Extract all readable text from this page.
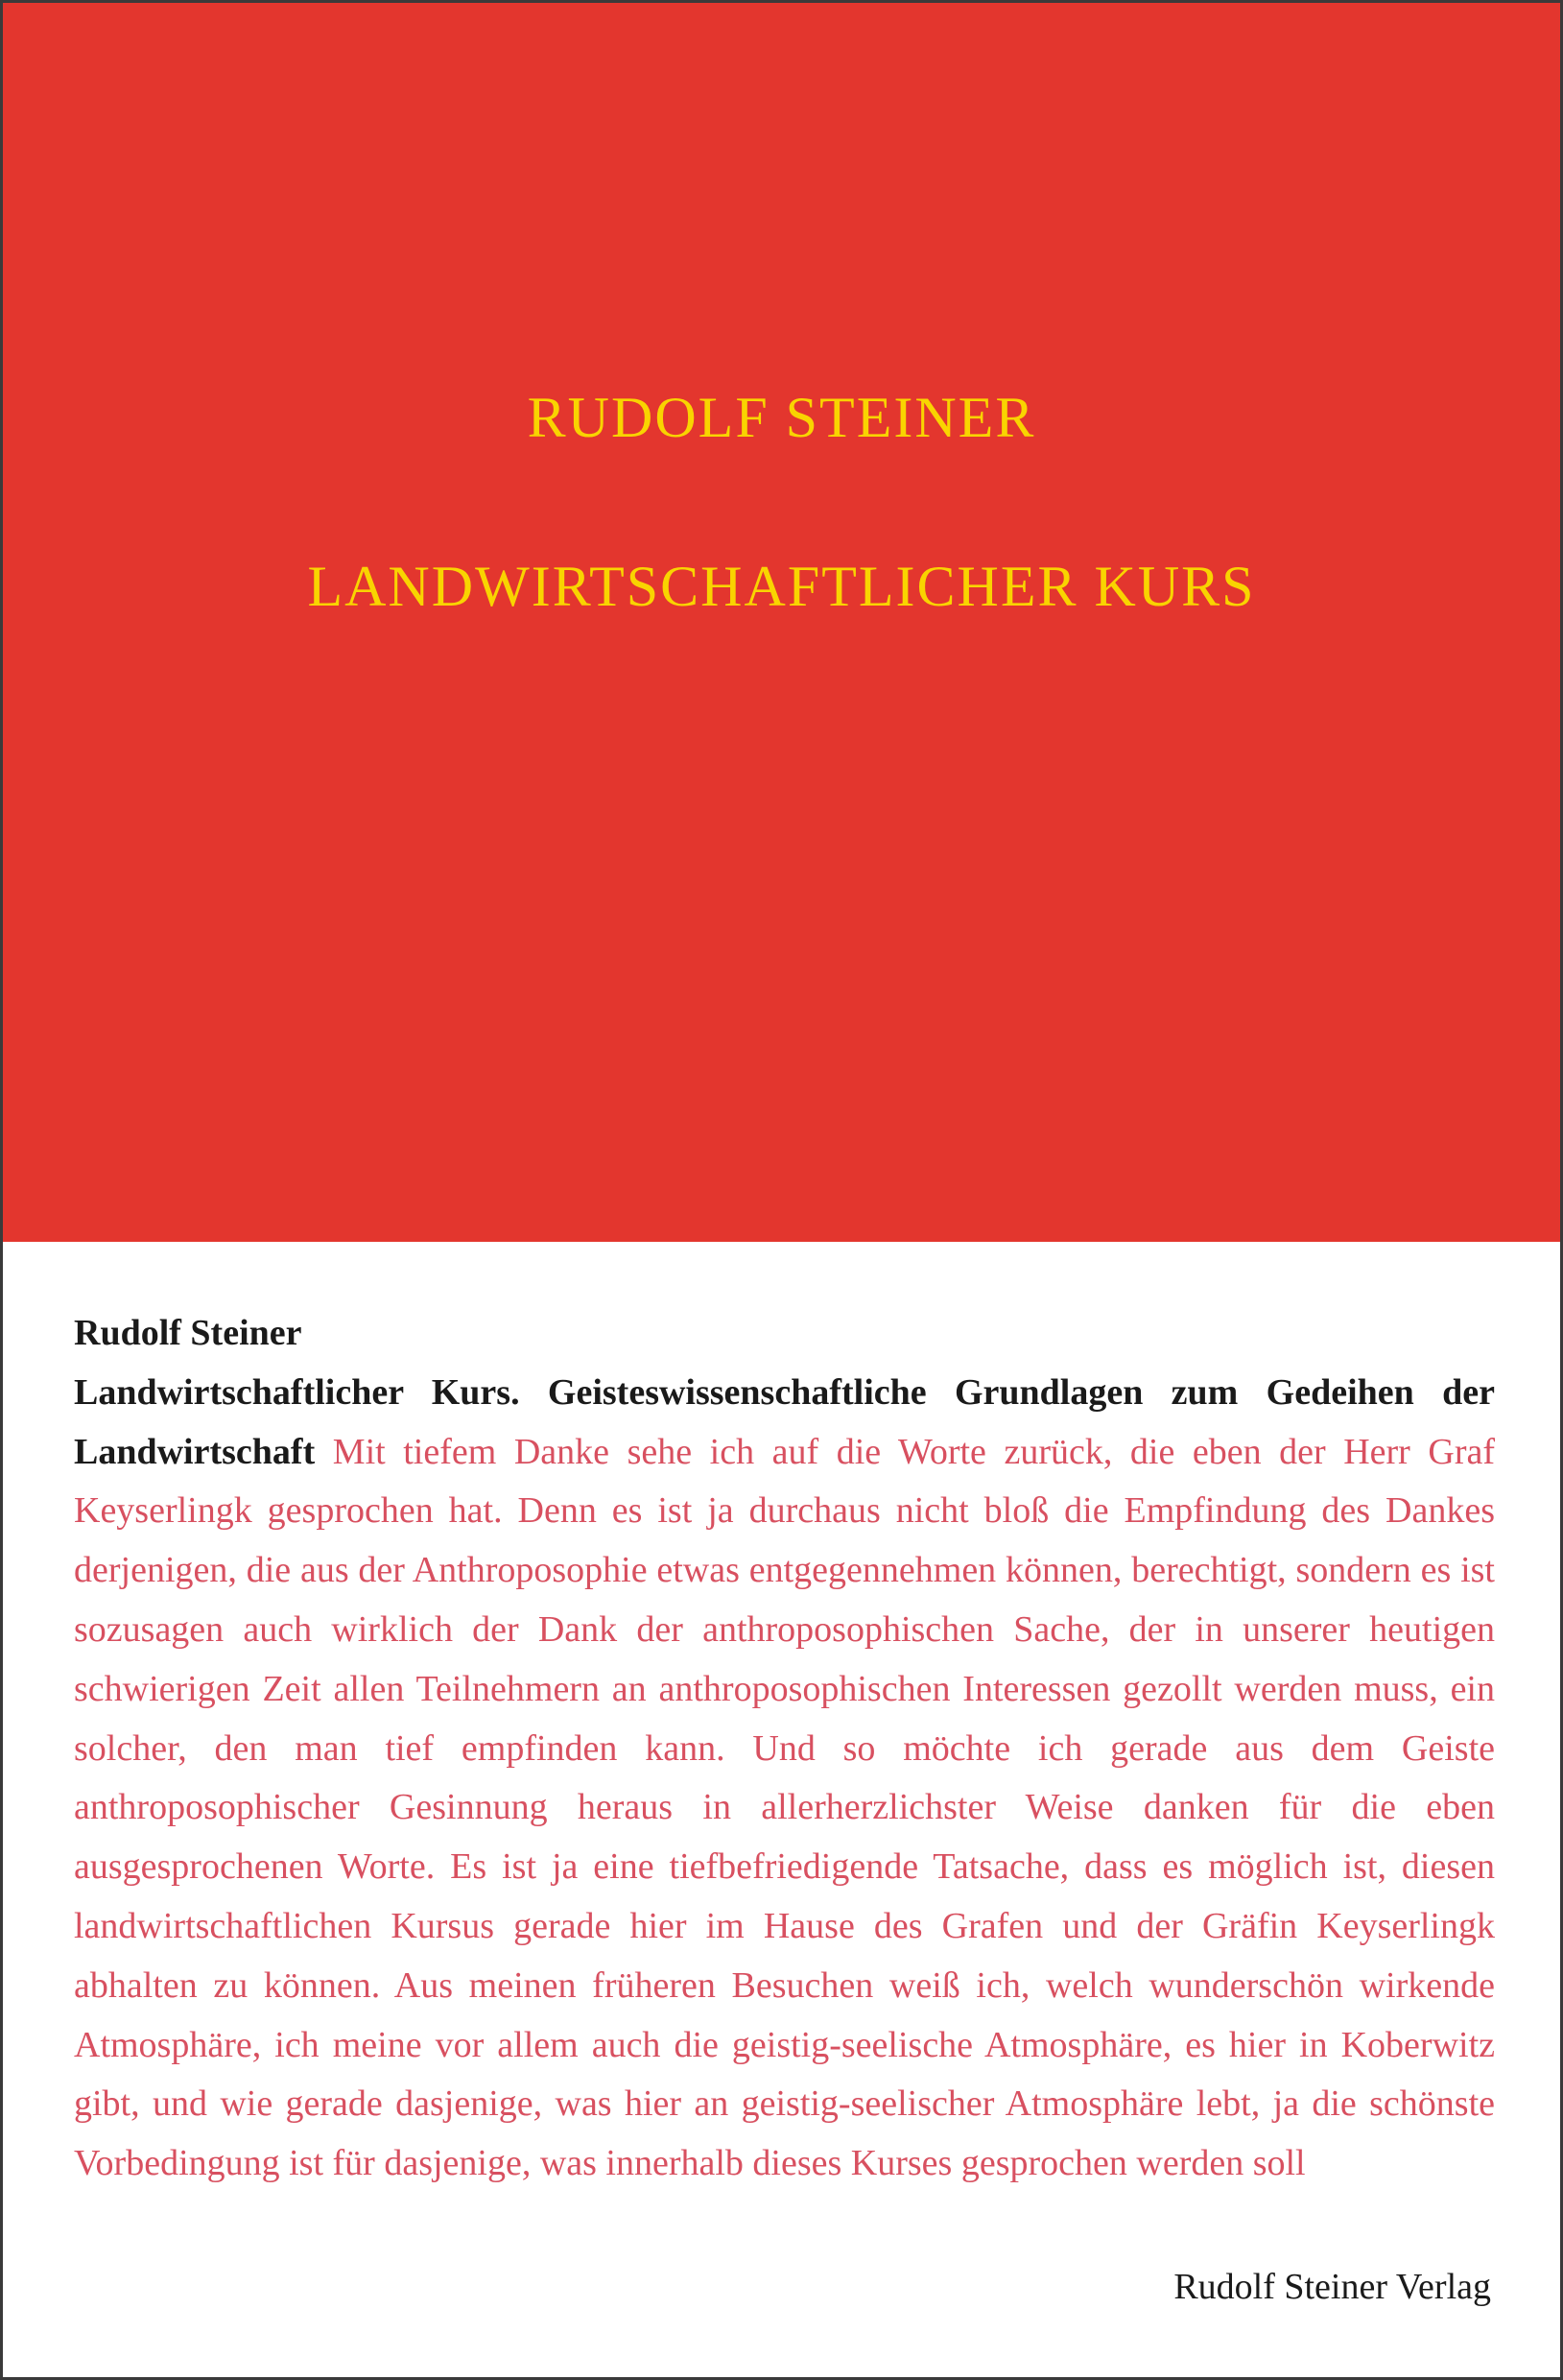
RUDOLF STEINER
LANDWIRTSCHAFTLICHER KURS

Rudolf Steiner

Landwirtschaftlicher Kurs. Geisteswissenschaftliche Grundlagen zum Gedeihen der Landwirtschaft Mit tiefem Danke sehe ich auf die Worte zurück, die eben der Herr Graf Keyserlingk gesprochen hat. Denn es ist ja durchaus nicht bloß die Empfindung des Dankes derjenigen, die aus der Anthroposophie etwas entgegennehmen können, berechtigt, sondern es ist sozusagen auch wirklich der Dank der anthroposophischen Sache, der in unserer heutigen schwierigen Zeit allen Teilnehmern an anthroposophischen Interessen gezollt werden muss, ein solcher, den man tief empfinden kann. Und so möchte ich gerade aus dem Geiste anthroposophischer Gesinnung heraus in allerherzlichster Weise danken für die eben ausgesprochenen Worte. Es ist ja eine tiefbefriedigende Tatsache, dass es möglich ist, diesen landwirtschaftlichen Kursus gerade hier im Hause des Grafen und der Gräfin Keyserlingk abhalten zu können. Aus meinen früheren Besuchen weiß ich, welch wunderschön wirkende Atmosphäre, ich meine vor allem auch die geistig-seelische Atmosphäre, es hier in Koberwitz gibt, und wie gerade dasjenige, was hier an geistig-seelischer Atmosphäre lebt, ja die schönste Vorbedingung ist für dasjenige, was innerhalb dieses Kurses gesprochen werden soll

Rudolf Steiner Verlag
